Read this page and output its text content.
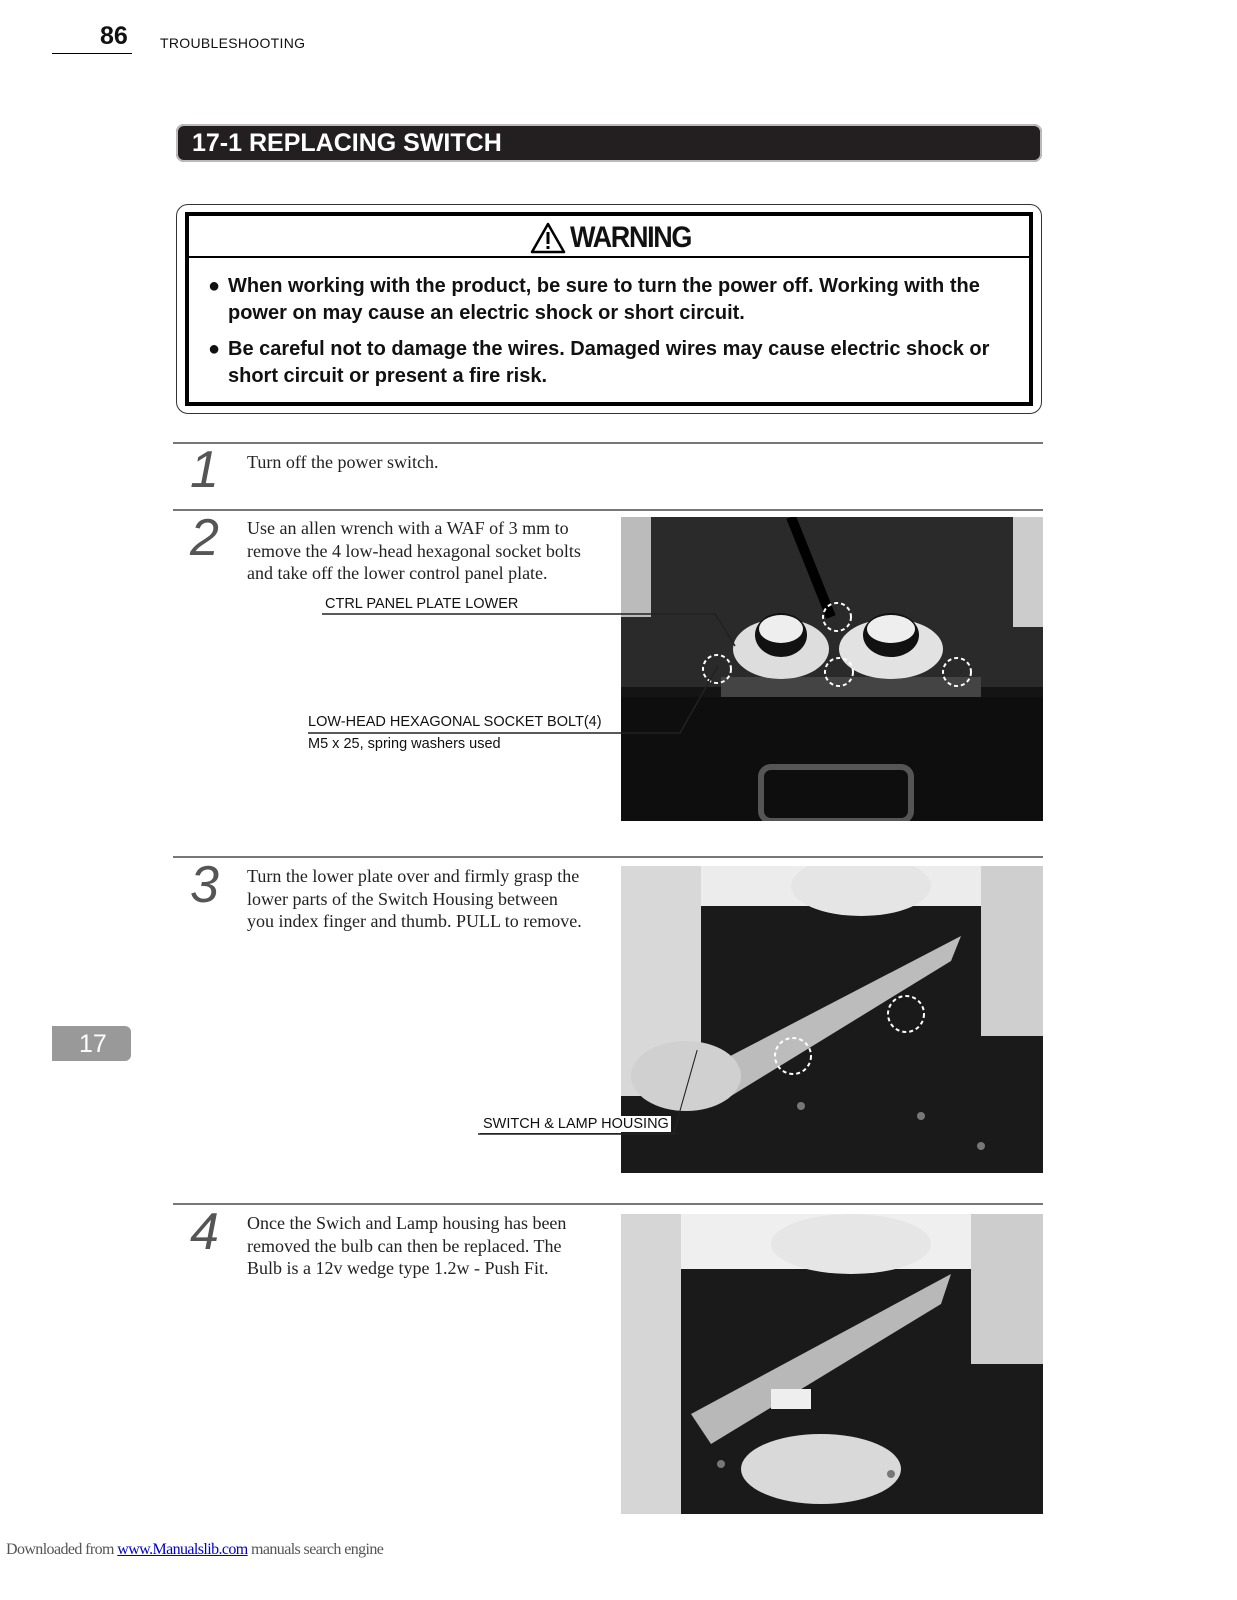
86 TROUBLESHOOTING
17-1 REPLACING SWITCH
WARNING
● When working with the product, be sure to turn the power off. Working with the power on may cause an electric shock or short circuit.
● Be careful not to damage the wires. Damaged wires may cause electric shock or short circuit or present a fire risk.
1 Turn off the power switch.
2 Use an allen wrench with a WAF of 3 mm to
remove the 4 low-head hexagonal socket bolts
and take off the lower control panel plate.
CTRL PANEL PLATE LOWER
LOW-HEAD HEXAGONAL SOCKET BOLT(4)
M5 x 25, spring washers used
3 Turn the lower plate over and firmly grasp the
lower parts of the Switch Housing between
you index finger and thumb. PULL to remove.
SWITCH & LAMP HOUSING
17
4 Once the Swich and Lamp housing has been
removed the bulb can then be replaced. The
Bulb is a 12v wedge type 1.2w - Push Fit.
Downloaded from www.Manualslib.com manuals search engine
